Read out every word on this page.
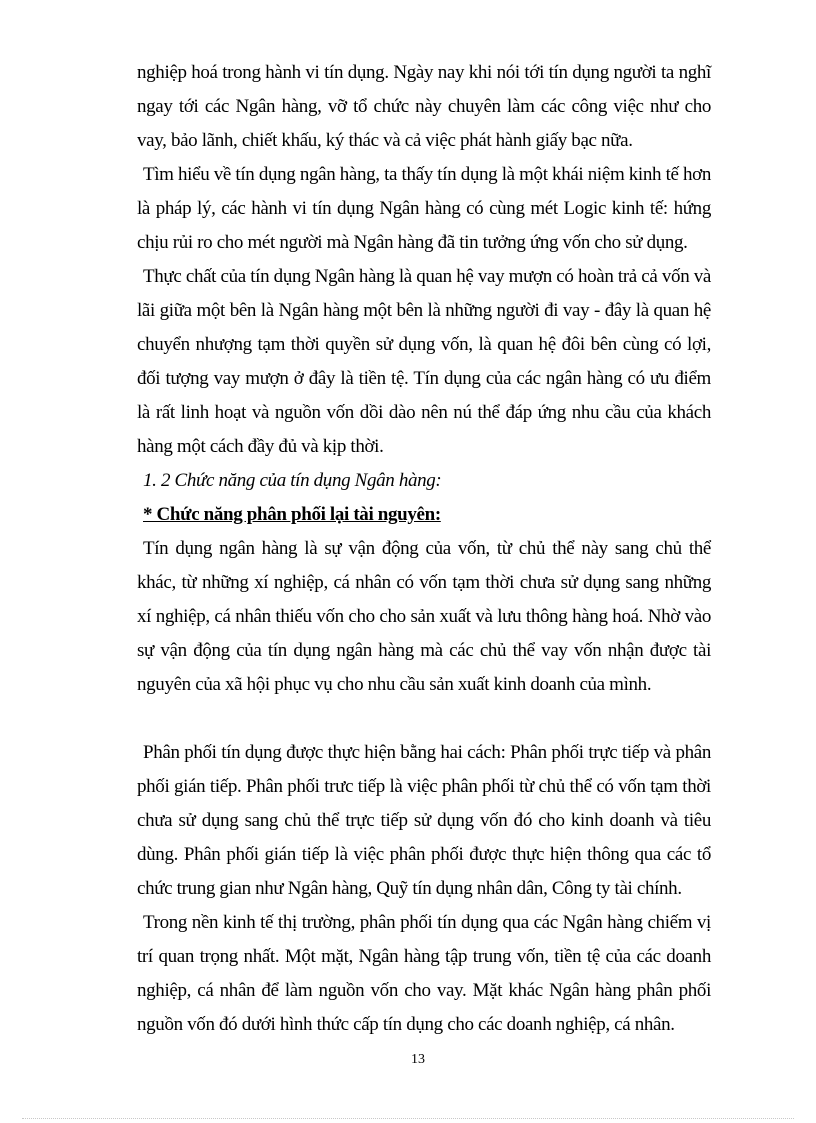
nghiệp hoá trong hành vi tín dụng. Ngày nay khi nói tới tín dụng người ta nghĩ ngay tới các Ngân hàng, vỡ tổ chức này chuyên làm các công việc như cho vay, bảo lãnh, chiết khấu, ký thác và cả việc phát hành giấy bạc nữa.

Tìm hiểu về tín dụng ngân hàng, ta thấy tín dụng là một khái niệm kinh tế hơn là pháp lý, các hành vi tín dụng Ngân hàng có cùng mét Logic kinh tế: hứng chịu rủi ro cho mét người mà Ngân hàng đã tin tưởng ứng vốn cho sử dụng.

Thực chất của tín dụng Ngân hàng là quan hệ vay mượn có hoàn trả cả vốn và lãi giữa một bên là Ngân hàng một bên là những người đi vay - đây là quan hệ chuyển nhượng tạm thời quyền sử dụng vốn, là quan hệ đôi bên cùng có lợi, đối tượng vay mượn ở đây là tiền tệ. Tín dụng của các ngân hàng có ưu điểm là rất linh hoạt và nguồn vốn dồi dào nên nú thể đáp ứng nhu cầu của khách hàng một cách đầy đủ và kịp thời.

1. 2 Chức năng của tín dụng Ngân hàng:

* Chức năng phân phối lại tài nguyên:

Tín dụng ngân hàng là sự vận động của vốn, từ chủ thể này sang chủ thể khác, từ những xí nghiệp, cá nhân có vốn tạm thời chưa sử dụng sang những xí nghiệp, cá nhân thiếu vốn cho cho sản xuất và lưu thông hàng hoá. Nhờ vào sự vận động của tín dụng ngân hàng mà các chủ thể vay vốn nhận được tài nguyên của xã hội phục vụ cho nhu cầu sản xuất kinh doanh của mình.

Phân phối tín dụng được thực hiện bằng hai cách: Phân phối trực tiếp và phân phối gián tiếp. Phân phối trưc tiếp là việc phân phối từ chủ thể có vốn tạm thời chưa sử dụng sang chủ thể trực tiếp sử dụng vốn đó cho kinh doanh và tiêu dùng. Phân phối gián tiếp là việc phân phối được thực hiện thông qua các tổ chức trung gian như Ngân hàng, Quỹ tín dụng nhân dân, Công ty tài chính.

Trong nền kinh tế thị trường, phân phối tín dụng qua các Ngân hàng chiếm vị trí quan trọng nhất. Một mặt, Ngân hàng tập trung vốn, tiền tệ của các doanh nghiệp, cá nhân để làm nguồn vốn cho vay. Mặt khác Ngân hàng phân phối nguồn vốn đó dưới hình thức cấp tín dụng cho các doanh nghiệp, cá nhân.

13
